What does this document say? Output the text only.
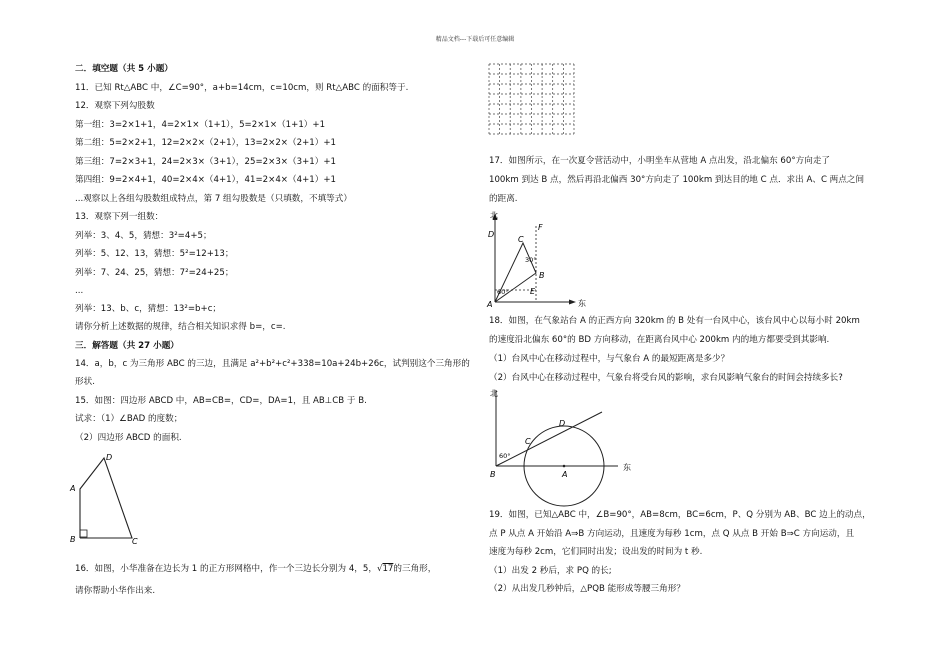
精品文档---下载后可任意编辑
二．填空题（共 5 小题）
11．已知 Rt△ABC 中，∠C=90°，a+b=14cm，c=10cm，则 Rt△ABC 的面积等于.
12．观察下列勾股数
第一组：3=2×1+1，4=2×1×（1+1），5=2×1×（1+1）+1
第二组：5=2×2+1，12=2×2×（2+1），13=2×2×（2+1）+1
第三组：7=2×3+1，24=2×3×（3+1），25=2×3×（3+1）+1
第四组：9=2×4+1，40=2×4×（4+1），41=2×4×（4+1）+1
...观察以上各组勾股数组成特点，第 7 组勾股数是（只填数，不填等式）
13．观察下列一组数：
列举：3、4、5，猜想：3²=4+5；
列举：5、12、13，猜想：5²=12+13；
列举：7、24、25，猜想：7²=24+25；
...
列举：13、b、c，猜想：13²=b+c；
请你分析上述数据的规律，结合相关知识求得 b=，c=.
三．解答题（共 27 小题）
14．a，b，c 为三角形 ABC 的三边，且满足 a²+b²+c²+338=10a+24b+26c，试判别这个三角形的
形状.
15．如图：四边形 ABCD 中，AB=CB=，CD=，DA=1，且 AB⊥CB 于 B.
试求：（1）∠BAD 的度数；
（2）四边形 ABCD 的面积.
D
A
B	C
16．如图，小华准备在边长为 1 的正方形网格中，作一个三边长分别为 4，5，√17的三角形，
请你帮助小华作出来.
17．如图所示，在一次夏令营活动中，小明坐车从营地 A 点出发，沿北偏东 60°方向走了
100km 到达 B 点，然后再沿北偏西 30°方向走了 100km 到达目的地 C 点．求出 A、C 两点之间
的距离.
北
东
D
C
F
B
E
A
60°
30°
18．如图，在气象站台 A 的正西方向 320km 的 B 处有一台风中心，该台风中心以每小时 20km
的速度沿北偏东 60°的 BD 方向移动，在距离台风中心 200km 内的地方都要受到其影响.
（1）台风中心在移动过程中，与气象台 A 的最短距离是多少？
（2）台风中心在移动过程中，气象台将受台风的影响，求台风影响气象台的时间会持续多长?
北
东
B	A
C
D
60°
19．如图，已知△ABC 中，∠B=90°，AB=8cm，BC=6cm，P、Q 分别为 AB、BC 边上的动点，
点 P 从点 A 开始沿 A⇒B 方向运动，且速度为每秒 1cm，点 Q 从点 B 开始 B⇒C 方向运动，且
速度为每秒 2cm，它们同时出发；设出发的时间为 t 秒.
（1）出发 2 秒后，求 PQ 的长;
（2）从出发几秒钟后，△PQB 能形成等腰三角形？
